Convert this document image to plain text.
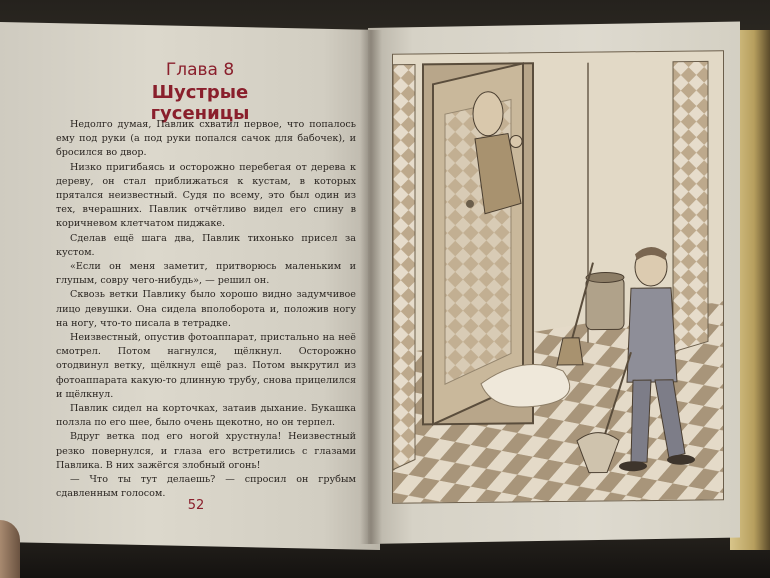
Глава 8
Шустрые гусеницы

Недолго думая, Павлик схватил первое, что попалось ему под руки (а под руки попался сачок для бабочек), и бросился во двор.

Низко пригибаясь и осторожно перебегая от дерева к дереву, он стал приближаться к кустам, в которых прятался неизвестный. Судя по всему, это был один из тех, вчерашних. Павлик отчётливо видел его спину в коричневом клетчатом пиджаке.

Сделав ещё шага два, Павлик тихонько присел за кустом.

«Если он меня заметит, притворюсь маленьким и глупым, совру чего-нибудь», — решил он.

Сквозь ветки Павлику было хорошо видно задумчивое лицо девушки. Она сидела вполоборота и, положив ногу на ногу, что-то писала в тетрадке.

Неизвестный, опустив фотоаппарат, пристально на неё смотрел. Потом нагнулся, щёлкнул. Осторожно отодвинул ветку, щёлкнул ещё раз. Потом выкрутил из фотоаппарата какую-то длинную трубу, снова прицелился и щёлкнул.

Павлик сидел на корточках, затаив дыхание. Букашка ползла по его шее, было очень щекотно, но он терпел.

Вдруг ветка под его ногой хрустнула! Неизвестный резко повернулся, и глаза его встретились с глазами Павлика. В них зажёгся злобный огонь!

— Что ты тут делаешь? — спросил он грубым сдавленным голосом.

52
